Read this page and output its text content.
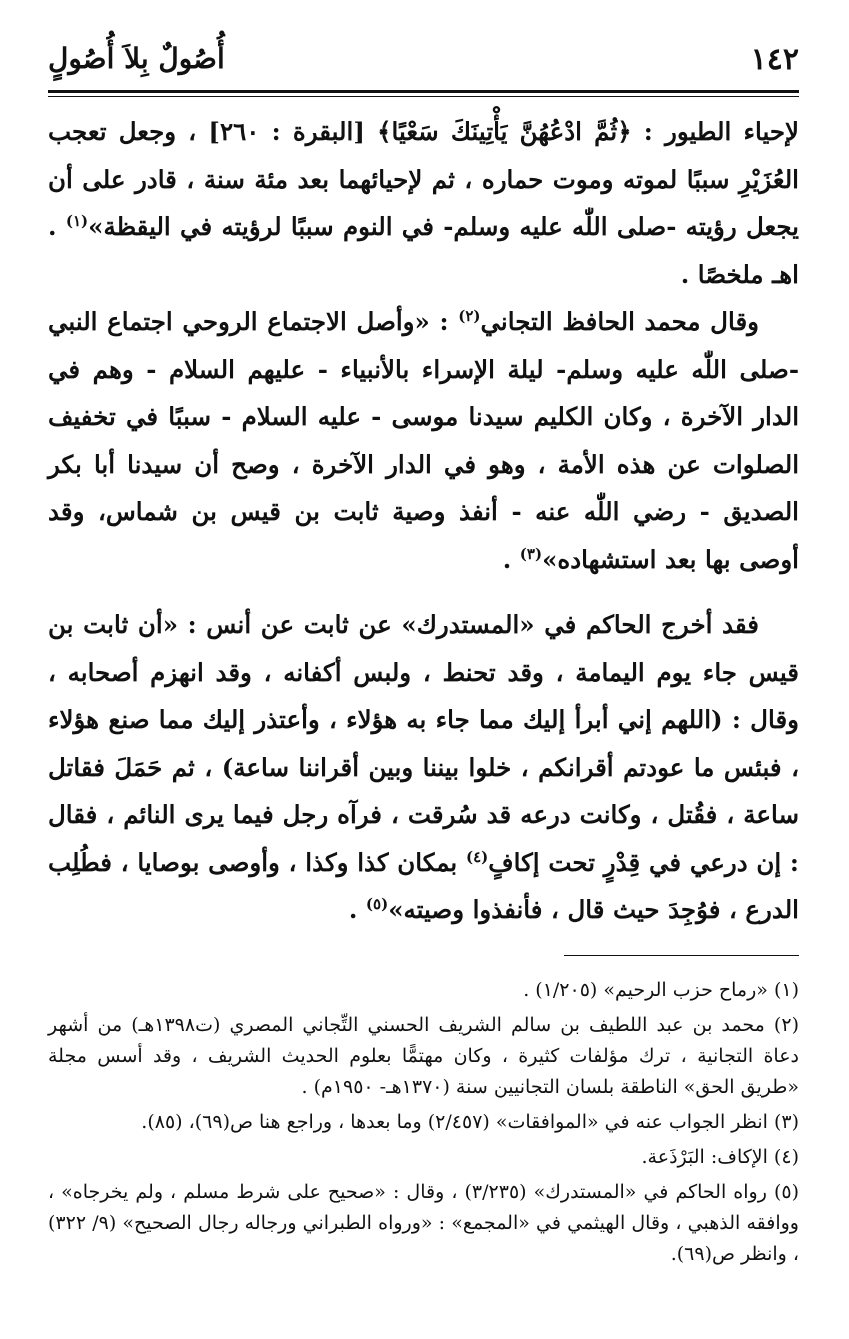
١٤٢
أُصُولٌ بِلاَ أُصُولٍ

لإحياء الطيور : ﴿ثُمَّ ادْعُهُنَّ يَأْتِينَكَ سَعْيًا﴾ [البقرة : ٢٦٠] ، وجعل تعجب العُزَيْرِ سببًا لموته وموت حماره ، ثم لإحيائهما بعد مئة سنة ، قادر على أن يجعل رؤيته -صلى اللّٰه عليه وسلم- في النوم سببًا لرؤيته في اليقظة»$^{(١)}$ . اهـ ملخصًا .

وقال محمد الحافظ التجاني$^{(٢)}$ : «وأصل الاجتماع الروحي اجتماع النبي -صلى اللّٰه عليه وسلم- ليلة الإسراء بالأنبياء - عليهم السلام - وهم في الدار الآخرة ، وكان الكليم سيدنا موسى - عليه السلام - سببًا في تخفيف الصلوات عن هذه الأمة ، وهو في الدار الآخرة ، وصح أن سيدنا أبا بكر الصديق - رضي اللّٰه عنه - أنفذ وصية ثابت بن قيس بن شماس، وقد أوصى بها بعد استشهاده»$^{(٣)}$ .

فقد أخرج الحاكم في «المستدرك» عن ثابت عن أنس : «أن ثابت بن قيس جاء يوم اليمامة ، وقد تحنط ، ولبس أكفانه ، وقد انهزم أصحابه ، وقال : (اللهم إني أبرأ إليك مما جاء به هؤلاء ، وأعتذر إليك مما صنع هؤلاء ، فبئس ما عودتم أقرانكم ، خلوا بيننا وبين أقراننا ساعة) ، ثم حَمَلَ فقاتل ساعة ، فقُتل ، وكانت درعه قد سُرقت ، فرآه رجل فيما يرى النائم ، فقال : إن درعي في قِدْرٍ تحت إكافٍ$^{(٤)}$ بمكان كذا وكذا ، وأوصى بوصايا ، فطُلِب الدرع ، فوُجِدَ حيث قال ، فأنفذوا وصيته»$^{(٥)}$ .

(١) «رماح حزب الرحيم» (١/٢٠٥) .

(٢) محمد بن عبد اللطيف بن سالم الشريف الحسني التِّجاني المصري (ت١٣٩٨هـ) من أشهر دعاة التجانية ، ترك مؤلفات كثيرة ، وكان مهتمًّا بعلوم الحديث الشريف ، وقد أسس مجلة «طريق الحق» الناطقة بلسان التجانيين سنة (١٣٧٠هـ- ١٩٥٠م) .

(٣) انظر الجواب عنه في «الموافقات» (٢/٤٥٧) وما بعدها ، وراجع هنا ص(٦٩)، (٨٥).

(٤) الإكاف: البَرْذَعة.

(٥) رواه الحاكم في «المستدرك» (٣/٢٣٥) ، وقال : «صحيح على شرط مسلم ، ولم يخرجاه» ، ووافقه الذهبي ، وقال الهيثمي في «المجمع» : «ورواه الطبراني ورجاله رجال الصحيح» (٩/ ٣٢٢) ، وانظر ص(٦٩).
